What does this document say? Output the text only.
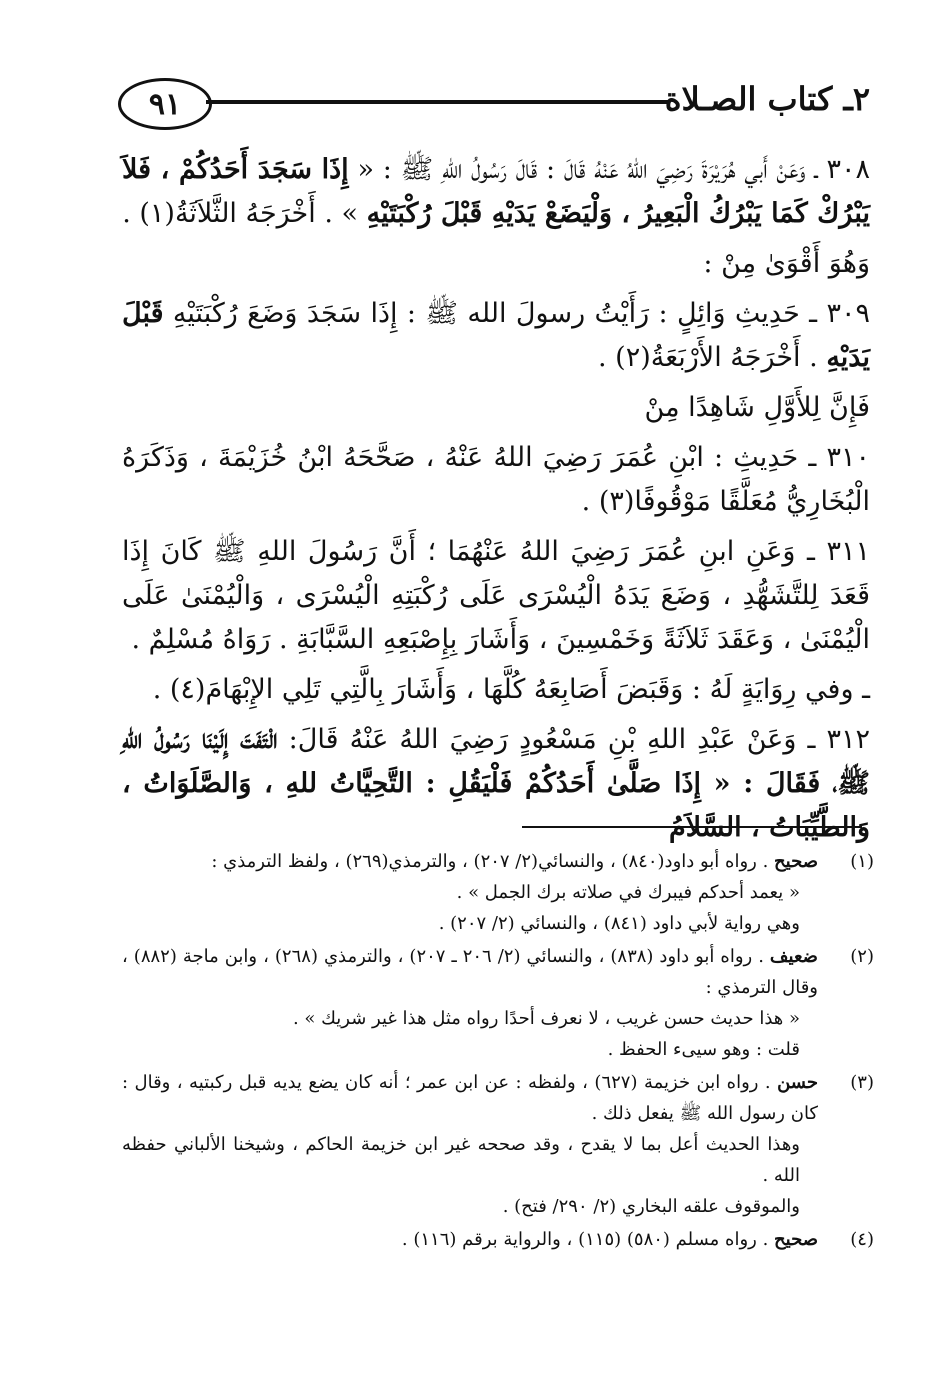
٩١	٢ـ كتاب الصـلاة

٣٠٨ ـ وَعَنْ أَبي هُرَيْرَةَ رَضِيَ اللهُ عَنْهُ قَالَ : قَالَ رَسُولُ اللهِ ﷺ : « إِذَا سَجَدَ أَحَدُكُمْ ، فَلاَ يَبْرُكْ كَمَا يَبْرُكُ الْبَعِيرُ ، وَلْيَضَعْ يَدَيْهِ قَبْلَ رُكْبَتَيْهِ » . أَخْرَجَهُ الثَّلاَثَةُ(١) .

وَهُوَ أَقْوَىٰ مِنْ :

٣٠٩ ـ حَدِيثِ وَائِلٍ : رَأَيْتُ رسولَ الله ﷺ : إِذَا سَجَدَ وَضَعَ رُكْبَتَيْهِ قَبْلَ يَدَيْهِ . أَخْرَجَهُ الأَرْبَعَةُ(٢) .

فَإِنَّ لِلأَوَّلِ شَاهِدًا مِنْ

٣١٠ ـ حَدِيثِ : ابْنِ عُمَرَ رَضِيَ اللهُ عَنْهُ ، صَحَّحَهُ ابْنُ خُزَيْمَةَ ، وَذَكَرَهُ الْبُخَارِيُّ مُعَلَّقًا مَوْقُوفًا(٣) .

٣١١ ـ وَعَنِ ابنِ عُمَرَ رَضِيَ اللهُ عَنْهُمَا ؛ أَنَّ رَسُولَ اللهِ ﷺ كَانَ إِذَا قَعَدَ لِلتَّشَهُّدِ ، وَضَعَ يَدَهُ الْيُسْرَى عَلَى رُكْبَتِهِ الْيُسْرَى ، وَالْيُمْنَىٰ عَلَى الْيُمْنَىٰ ، وَعَقَدَ ثَلاَثَةً وَخَمْسِينَ ، وَأَشَارَ بِإِصْبَعِهِ السَّبَّابَةِ . رَوَاهُ مُسْلِمٌ .

ـ وفي رِوَايَةٍ لَهُ : وَقَبَضَ أَصَابِعَهُ كُلَّهَا ، وَأَشَارَ بِالَّتِي تَلِي الإِبْهَامَ(٤) .

٣١٢ ـ وَعَنْ عَبْدِ اللهِ بْنِ مَسْعُودٍ رَضِيَ اللهُ عَنْهُ قَالَ: الْتَفَتَ إِلَيْنَا رَسُولُ اللهِ ﷺ، فَقَالَ : « إِذَا صَلَّىٰ أَحَدُكُمْ فَلْيَقُلِ : التَّحِيَّاتُ للهِ ، وَالصَّلَوَاتُ ، وَالطَّيِّبَاتُ ، السَّلاَمُ

(١)
صحيح . رواه أبو داود(٨٤٠) ، والنسائي(٢/ ٢٠٧) ، والترمذي(٢٦٩) ، ولفظ الترمذي :
« يعمد أحدكم فيبرك في صلاته برك الجمل » .
وهي رواية لأبي داود (٨٤١) ، والنسائي (٢/ ٢٠٧) .
(٢)
ضعيف . رواه أبو داود (٨٣٨) ، والنسائي (٢/ ٢٠٦ ـ ٢٠٧) ، والترمذي (٢٦٨) ، وابن ماجة (٨٨٢) ، وقال الترمذي :
« هذا حديث حسن غريب ، لا نعرف أحدًا رواه مثل هذا غير شريك » .
قلت : وهو سيىء الحفظ .
(٣)
حسن . رواه ابن خزيمة (٦٢٧) ، ولفظه : عن ابن عمر ؛ أنه كان يضع يديه قبل ركبتيه ، وقال : كان رسول الله ﷺ يفعل ذلك .
وهذا الحديث أعل بما لا يقدح ، وقد صححه غير ابن خزيمة الحاكم ، وشيخنا الألباني حفظه الله .
والموقوف علقه البخاري (٢/ ٢٩٠/ فتح) .
(٤)
صحيح . رواه مسلم (٥٨٠) (١١٥) ، والرواية برقم (١١٦) .
